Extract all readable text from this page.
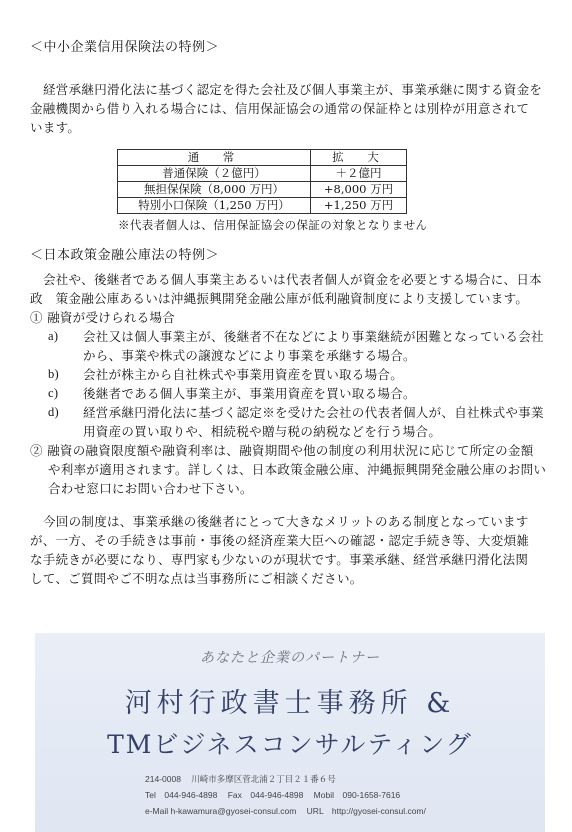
＜中小企業信用保険法の特例＞
経営承継円滑化法に基づく認定を得た会社及び個人事業主が、事業承継に関する資金を
金融機関から借り入れる場合には、信用保証協会の通常の保証枠とは別枠が用意されて
います。
通　常	拡　大
普通保険（２億円）	＋２億円
無担保保険（8,000 万円）	+8,000 万円
特別小口保険（1,250 万円）	+1,250 万円
※代表者個人は、信用保証協会の保証の対象となりません
＜日本政策金融公庫法の特例＞
会社や、後継者である個人事業主あるいは代表者個人が資金を必要とする場合に、日本
政　策金融公庫あるいは沖縄振興開発金融公庫が低利融資制度により支援しています。
① 融資が受けられる場合
a) 会社又は個人事業主が、後継者不在などにより事業継続が困難となっている会社
から、事業や株式の譲渡などにより事業を承継する場合。
b) 会社が株主から自社株式や事業用資産を買い取る場合。
c) 後継者である個人事業主が、事業用資産を買い取る場合。
d) 経営承継円滑化法に基づく認定※を受けた会社の代表者個人が、自社株式や事業
用資産の買い取りや、相続税や贈与税の納税などを行う場合。
② 融資の融資限度額や融資利率は、融資期間や他の制度の利用状況に応じて所定の金額
や利率が適用されます。詳しくは、日本政策金融公庫、沖縄振興開発金融公庫のお問い
合わせ窓口にお問い合わせ下さい。
今回の制度は、事業承継の後継者にとって大きなメリットのある制度となっています
が、一方、その手続きは事前・事後の経済産業大臣への確認・認定手続き等、大変煩雑
な手続きが必要になり、専門家も少ないのが現状です。事業承継、経営承継円滑化法関
して、ご質問やご不明な点は当事務所にご相談ください。
あなたと企業のパートナー
河村行政書士事務所 &
TMビジネスコンサルティング
214-0008 川崎市多摩区菅北浦２丁目２１番６号
Tel　044-946-4898 Fax　044-946-4898 Mobil　090-1658-7616
e-Mail h-kawamura@gyosei-consul.com URL　http://gyosei-consul.com/
